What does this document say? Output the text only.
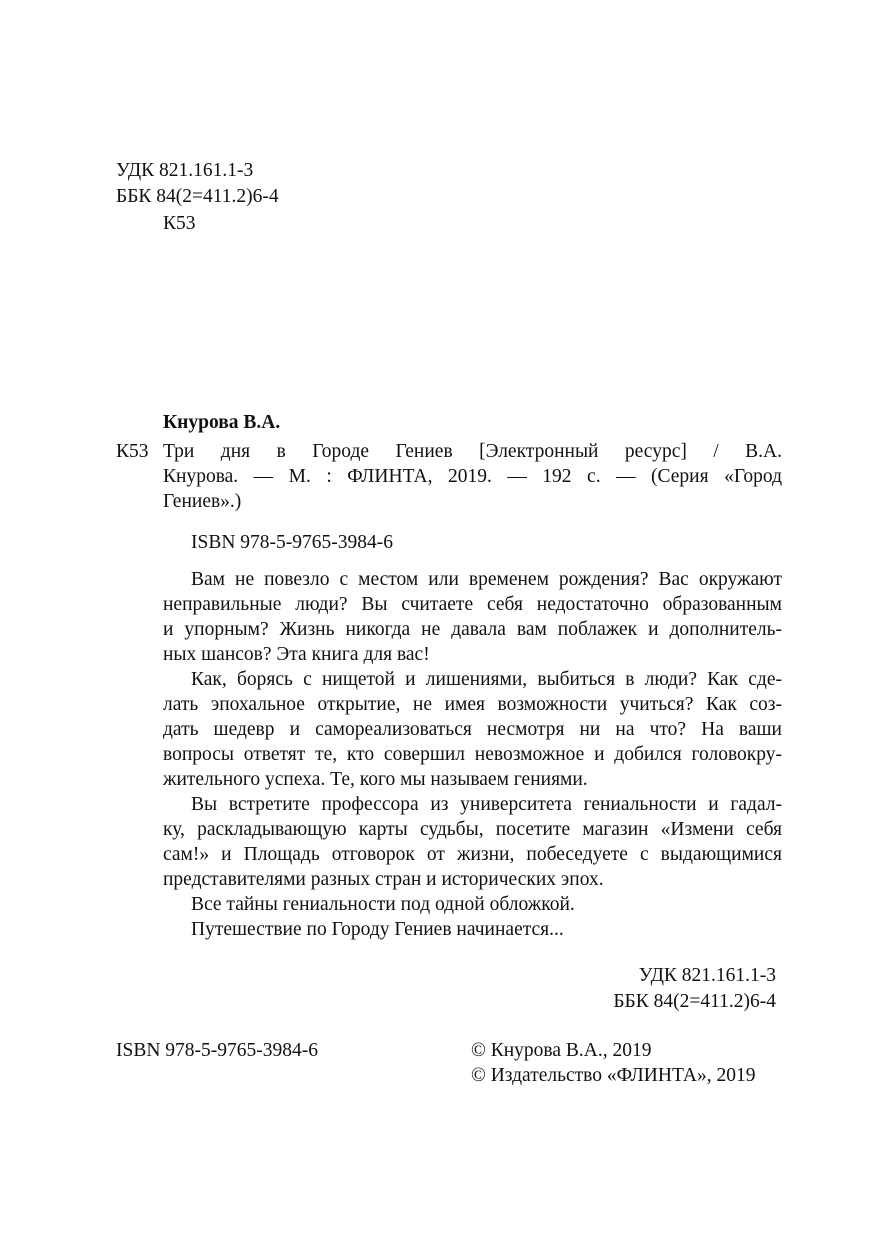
УДК 821.161.1-3
ББК 84(2=411.2)6-4
К53
Кнурова В.А.
К53 Три дня в Городе Гениев [Электронный ресурс] / В.А.
Кнурова. — М. : ФЛИНТА, 2019. — 192 с. — (Серия «Город
Гениев».)
ISBN 978-5-9765-3984-6
Вам не повезло с местом или временем рождения? Вас окружают
неправильные люди? Вы считаете себя недостаточно образованным
и упорным? Жизнь никогда не давала вам поблажек и дополнитель-
ных шансов? Эта книга для вас!
Как, борясь с нищетой и лишениями, выбиться в люди? Как сде-
лать эпохальное открытие, не имея возможности учиться? Как соз-
дать шедевр и самореализоваться несмотря ни на что? На ваши
вопросы ответят те, кто совершил невозможное и добился головокру-
жительного успеха. Те, кого мы называем гениями.
Вы встретите профессора из университета гениальности и гадал-
ку, раскладывающую карты судьбы, посетите магазин «Измени себя
сам!» и Площадь отговорок от жизни, побеседуете с выдающимися
представителями разных стран и исторических эпох.
Все тайны гениальности под одной обложкой.
Путешествие по Городу Гениев начинается...
УДК 821.161.1-3
ББК 84(2=411.2)6-4
ISBN 978-5-9765-3984-6	© Кнурова В.А., 2019
© Издательство «ФЛИНТА», 2019
